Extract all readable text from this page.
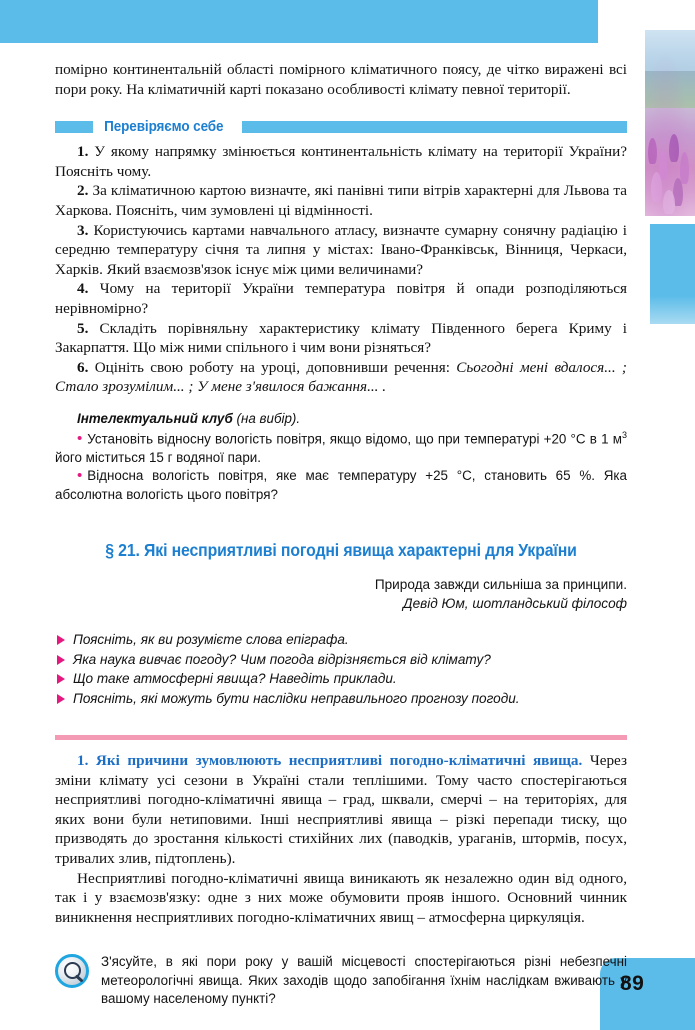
89

помірно континентальній області помірного кліматичного поясу, де чітко виражені всі пори року. На кліматичній карті показано особливості клімату певної території.

Перевіряємо себе

1. У якому напрямку змінюється континентальність клімату на території України? Поясніть чому.

2. За кліматичною картою визначте, які панівні типи вітрів характерні для Львова та Харкова. Поясніть, чим зумовлені ці відмінності.

3. Користуючись картами навчального атласу, визначте сумарну сонячну радіацію і середню температуру січня та липня у містах: Івано-Франківськ, Вінниця, Черкаси, Харків. Який взаємозв'язок існує між цими величинами?

4. Чому на території України температура повітря й опади розподіляються нерівномірно?

5. Складіть порівняльну характеристику клімату Південного берега Криму і Закарпаття. Що між ними спільного і чим вони різняться?

6. Оцініть свою роботу на уроці, доповнивши речення: Сьогодні мені вдалося... ; Стало зрозумілим... ; У мене з'явилося бажання... .

Інтелектуальний клуб (на вибір).

• Установіть відносну вологість повітря, якщо відомо, що при температурі +20 °С в 1 $м^3$ його міститься 15 г водяної пари.

• Відносна вологість повітря, яке має температуру +25 °С, становить 65 %. Яка абсолютна вологість цього повітря?

§ 21. Які несприятливі погодні явища характерні для України
Природа завжди сильніша за принципи.
Девід Юм, шотландський філософ
Поясніть, як ви розумієте слова епіграфа.
Яка наука вивчає погоду? Чим погода відрізняється від клімату?
Що таке атмосферні явища? Наведіть приклади.
Поясніть, які можуть бути наслідки неправильного прогнозу погоди.

1. Які причини зумовлюють несприятливі погодно-кліматичні явища. Через зміни клімату усі сезони в Україні стали теплішими. Тому часто спостерігаються несприятливі погодно-кліматичні явища – град, шквали, смерчі – на територіях, для яких вони були нетиповими. Інші несприятливі явища – різкі перепади тиску, що призводять до зростання кількості стихійних лих (паводків, ураганів, штормів, посух, тривалих злив, підтоплень).

Несприятливі погодно-кліматичні явища виникають як незалежно один від одного, так і у взаємозв'язку: одне з них може обумовити прояв іншого. Основний чинник виникнення несприятливих погодно-кліматичних явищ – атмосферна циркуляція.

З'ясуйте, в які пори року у вашій місцевості спостерігаються різні небезпечні метеорологічні явища. Яких заходів щодо запобігання їхнім наслідкам вживають у вашому населеному пункті?
